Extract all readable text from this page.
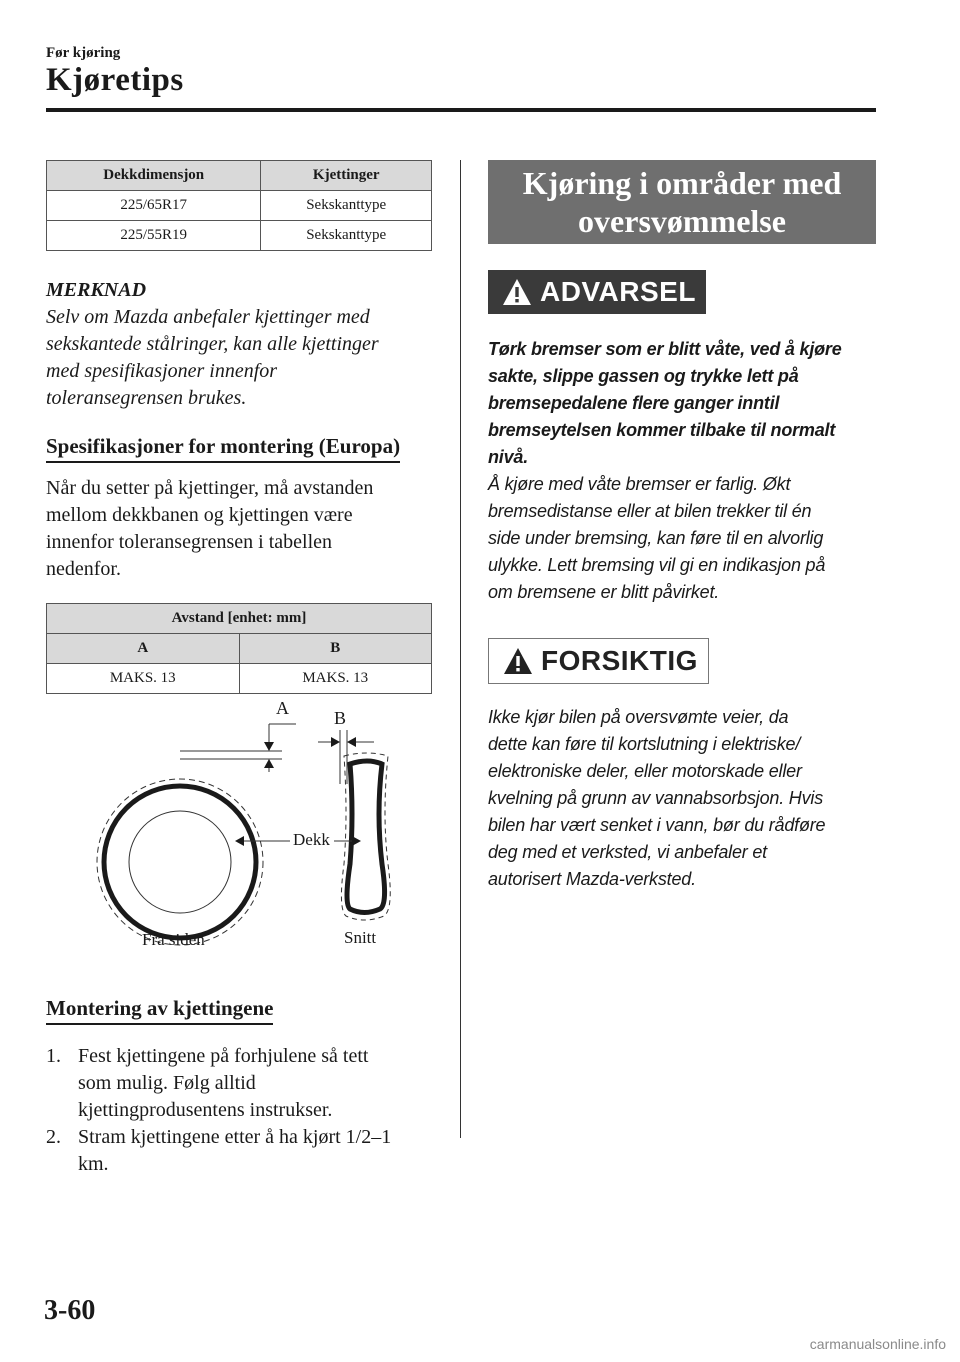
Før kjøring
Kjøretips
Dekkdimensjon	Kjettinger
225/65R17	Sekskanttype
225/55R19	Sekskanttype
MERKNAD
Selv om Mazda anbefaler kjettinger med
sekskantede stålringer, kan alle kjettinger
med spesifikasjoner innenfor
toleransegrensen brukes.
Spesifikasjoner for montering (Europa)
Når du setter på kjettinger, må avstanden
mellom dekkbanen og kjettingen være
innenfor toleransegrensen i tabellen
nedenfor.
Avstand [enhet: mm]	
A	B
MAKS. 13	MAKS. 13
A	B
Dekk
Fra siden	Snitt
Montering av kjettingene
1. Fest kjettingene på forhjulene så tett
som mulig. Følg alltid
kjettingprodusentens instrukser.
2. Stram kjettingene etter å ha kjørt 1/2–1
km.
Kjøring i områder med
oversvømmelse
ADVARSEL
Tørk bremser som er blitt våte, ved å kjøre
sakte, slippe gassen og trykke lett på
bremsepedalene flere ganger inntil
bremseytelsen kommer tilbake til normalt
nivå.
Å kjøre med våte bremser er farlig. Økt
bremsedistanse eller at bilen trekker til én
side under bremsing, kan føre til en alvorlig
ulykke. Lett bremsing vil gi en indikasjon på
om bremsene er blitt påvirket.
FORSIKTIG
Ikke kjør bilen på oversvømte veier, da
dette kan føre til kortslutning i elektriske/
elektroniske deler, eller motorskade eller
kvelning på grunn av vannabsorbsjon. Hvis
bilen har vært senket i vann, bør du rådføre
deg med et verksted, vi anbefaler et
autorisert Mazda-verksted.
3-60
carmanualsonline.info
